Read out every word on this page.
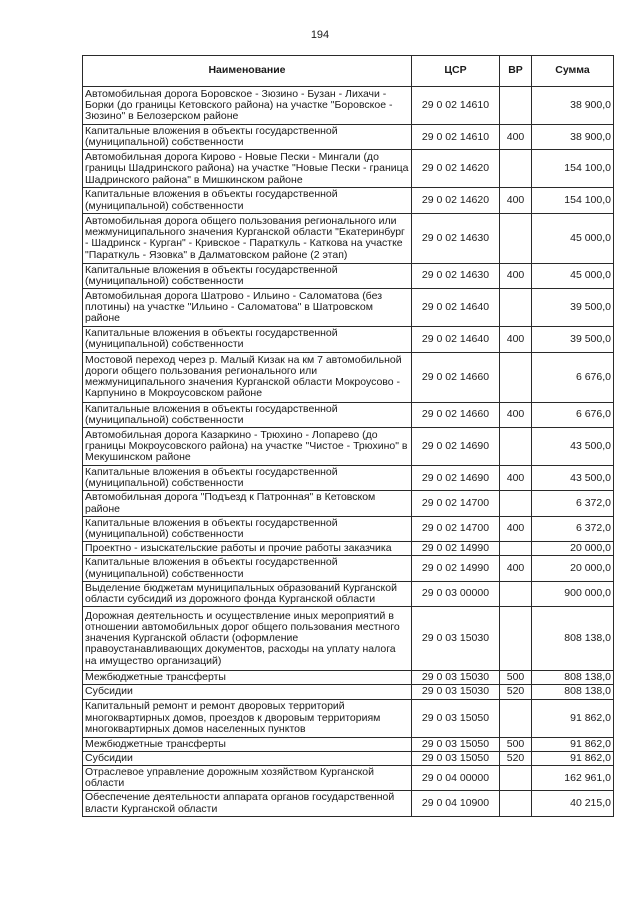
194
Наименование	ЦСР	ВР	Сумма
Автомобильная дорога Боровское - Зюзино - Бузан - Лихачи - Борки (до границы Кетовского района) на участке "Боровское - Зюзино" в Белозерском районе	29 0 02 14610		38 900,0
Капитальные вложения в объекты государственной (муниципальной) собственности	29 0 02 14610	400	38 900,0
Автомобильная дорога Кирово - Новые Пески - Мингали (до границы Шадринского района) на участке "Новые Пески - граница Шадринского района" в Мишкинском районе	29 0 02 14620		154 100,0
Капитальные вложения в объекты государственной (муниципальной) собственности	29 0 02 14620	400	154 100,0
Автомобильная дорога общего пользования регионального или межмуниципального значения Курганской области "Екатеринбург - Шадринск - Курган" - Кривское - Параткуль - Каткова на участке "Параткуль - Язовка" в Далматовском районе (2 этап)	29 0 02 14630		45 000,0
Капитальные вложения в объекты государственной (муниципальной) собственности	29 0 02 14630	400	45 000,0
Автомобильная дорога Шатрово - Ильино - Саломатова (без плотины) на участке "Ильино - Саломатова" в Шатровском районе	29 0 02 14640		39 500,0
Капитальные вложения в объекты государственной (муниципальной) собственности	29 0 02 14640	400	39 500,0
Мостовой переход через р. Малый Кизак на км 7 автомобильной дороги общего пользования регионального или межмуниципального значения Курганской области Мокроусово - Карпунино в Мокроусовском районе	29 0 02 14660		6 676,0
Капитальные вложения в объекты государственной (муниципальной) собственности	29 0 02 14660	400	6 676,0
Автомобильная дорога Казаркино - Трюхино - Лопарево (до границы Мокроусовского района) на участке "Чистое - Трюхино" в Мекушинском районе	29 0 02 14690		43 500,0
Капитальные вложения в объекты государственной (муниципальной) собственности	29 0 02 14690	400	43 500,0
Автомобильная дорога "Подъезд к Патронная" в Кетовском районе	29 0 02 14700		6 372,0
Капитальные вложения в объекты государственной (муниципальной) собственности	29 0 02 14700	400	6 372,0
Проектно - изыскательские работы и прочие работы заказчика	29 0 02 14990		20 000,0
Капитальные вложения в объекты государственной (муниципальной) собственности	29 0 02 14990	400	20 000,0
Выделение бюджетам муниципальных образований Курганской области субсидий из дорожного фонда Курганской области	29 0 03 00000		900 000,0
Дорожная деятельность и осуществление иных мероприятий в отношении автомобильных дорог общего пользования местного значения Курганской области (оформление правоустанавливающих документов, расходы на уплату налога на имущество организаций)	29 0 03 15030		808 138,0
Межбюджетные трансферты	29 0 03 15030	500	808 138,0
Субсидии	29 0 03 15030	520	808 138,0
Капитальный ремонт и ремонт дворовых территорий многоквартирных домов, проездов к дворовым территориям многоквартирных домов населенных пунктов	29 0 03 15050		91 862,0
Межбюджетные трансферты	29 0 03 15050	500	91 862,0
Субсидии	29 0 03 15050	520	91 862,0
Отраслевое управление дорожным хозяйством Курганской области	29 0 04 00000		162 961,0
Обеспечение деятельности аппарата органов государственной власти Курганской области	29 0 04 10900		40 215,0
